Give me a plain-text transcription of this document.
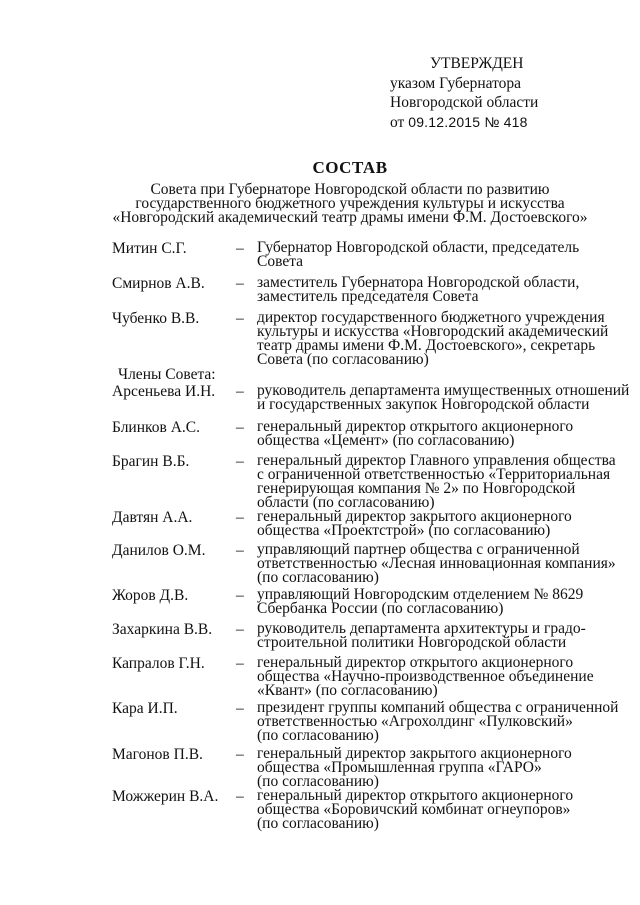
УТВЕРЖДЕН
указом Губернатора
Новгородской области
от 09.12.2015 № 418
СОСТАВ
Совета при Губернаторе Новгородской области по развитию
государственного бюджетного учреждения культуры и искусства
«Новгородский академический театр драмы имени Ф.М. Достоевского»
Митин С.Г.	– Губернатор Новгородской области, председатель
Совета
Смирнов А.В. – заместитель Губернатора Новгородской области,
заместитель председателя Совета
Чубенко В.В. – директор государственного бюджетного учреждения
культуры и искусства «Новгородский академический
театр драмы имени Ф.М. Достоевского», секретарь
Совета (по согласованию)
Члены Совета:
Арсеньева И.Н. – руководитель департамента имущественных отношений
и государственных закупок Новгородской области
Блинков А.С. – генеральный директор открытого акционерного
общества «Цемент» (по согласованию)
Брагин В.Б.	– генеральный директор Главного управления общества
с ограниченной ответственностью «Территориальная
генерирующая компания № 2» по Новгородской
области (по согласованию)
Давтян А.А.	– генеральный директор закрытого акционерного
общества «Проектстрой» (по согласованию)
Данилов О.М. – управляющий партнер общества с ограниченной
ответственностью «Лесная инновационная компания»
(по согласованию)
Жоров Д.В.	– управляющий Новгородским отделением № 8629
Сбербанка России (по согласованию)
Захаркина В.В. – руководитель департамента архитектуры и градо-
строительной политики Новгородской области
Капралов Г.Н. – генеральный директор открытого акционерного
общества «Научно-производственное объединение
«Квант» (по согласованию)
Кара И.П.	– президент группы компаний общества с ограниченной
ответственностью «Агрохолдинг «Пулковский»
(по согласованию)
Магонов П.В. – генеральный директор закрытого акционерного
общества «Промышленная группа «ГАРО»
(по согласованию)
Можжерин В.А. – генеральный директор открытого акционерного
общества «Боровичский комбинат огнеупоров»
(по согласованию)
